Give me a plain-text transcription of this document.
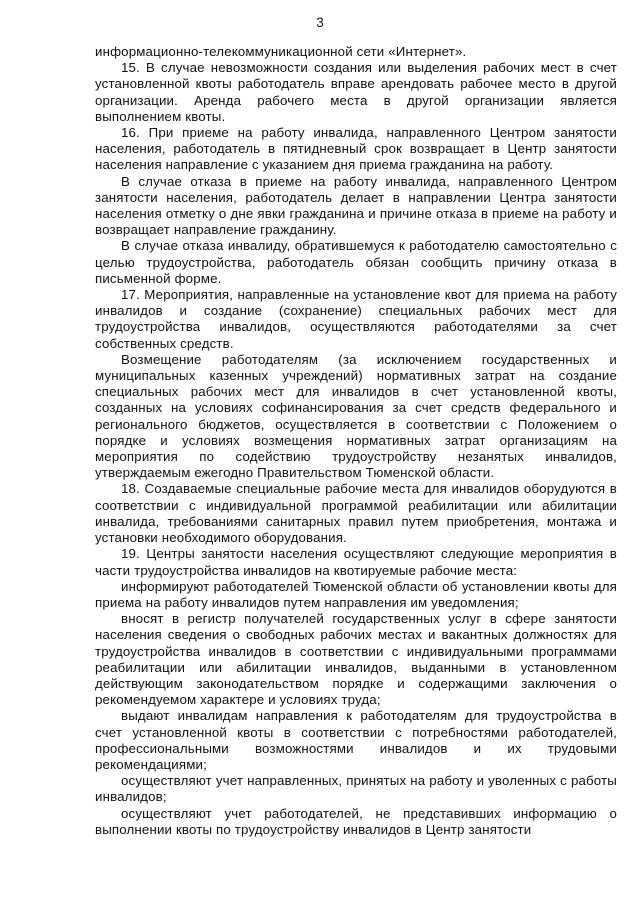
3

информационно-телекоммуникационной сети «Интернет».

15. В случае невозможности создания или выделения рабочих мест в счет установленной квоты работодатель вправе арендовать рабочее место в другой организации. Аренда рабочего места в другой организации является выполнением квоты.

16. При приеме на работу инвалида, направленного Центром занятости населения, работодатель в пятидневный срок возвращает в Центр занятости населения направление с указанием дня приема гражданина на работу.

В случае отказа в приеме на работу инвалида, направленного Центром занятости населения, работодатель делает в направлении Центра занятости населения отметку о дне явки гражданина и причине отказа в приеме на работу и возвращает направление гражданину.

В случае отказа инвалиду, обратившемуся к работодателю самостоятельно с целью трудоустройства, работодатель обязан сообщить причину отказа в письменной форме.

17. Мероприятия, направленные на установление квот для приема на работу инвалидов и создание (сохранение) специальных рабочих мест для трудоустройства инвалидов, осуществляются работодателями за счет собственных средств.

Возмещение работодателям (за исключением государственных и муниципальных казенных учреждений) нормативных затрат на создание специальных рабочих мест для инвалидов в счет установленной квоты, созданных на условиях софинансирования за счет средств федерального и регионального бюджетов, осуществляется в соответствии с Положением о порядке и условиях возмещения нормативных затрат организациям на мероприятия по содействию трудоустройству незанятых инвалидов, утверждаемым ежегодно Правительством Тюменской области.

18. Создаваемые специальные рабочие места для инвалидов оборудуются в соответствии с индивидуальной программой реабилитации или абилитации инвалида, требованиями санитарных правил путем приобретения, монтажа и установки необходимого оборудования.

19. Центры занятости населения осуществляют следующие мероприятия в части трудоустройства инвалидов на квотируемые рабочие места:

информируют работодателей Тюменской области об установлении квоты для приема на работу инвалидов путем направления им уведомления;

вносят в регистр получателей государственных услуг в сфере занятости населения сведения о свободных рабочих местах и вакантных должностях для трудоустройства инвалидов в соответствии с индивидуальными программами реабилитации или абилитации инвалидов, выданными в установленном действующим законодательством порядке и содержащими заключения о рекомендуемом характере и условиях труда;

выдают инвалидам направления к работодателям для трудоустройства в счет установленной квоты в соответствии с потребностями работодателей, профессиональными возможностями инвалидов и их трудовыми рекомендациями;

осуществляют учет направленных, принятых на работу и уволенных с работы инвалидов;

осуществляют учет работодателей, не представивших информацию о выполнении квоты по трудоустройству инвалидов в Центр занятости
